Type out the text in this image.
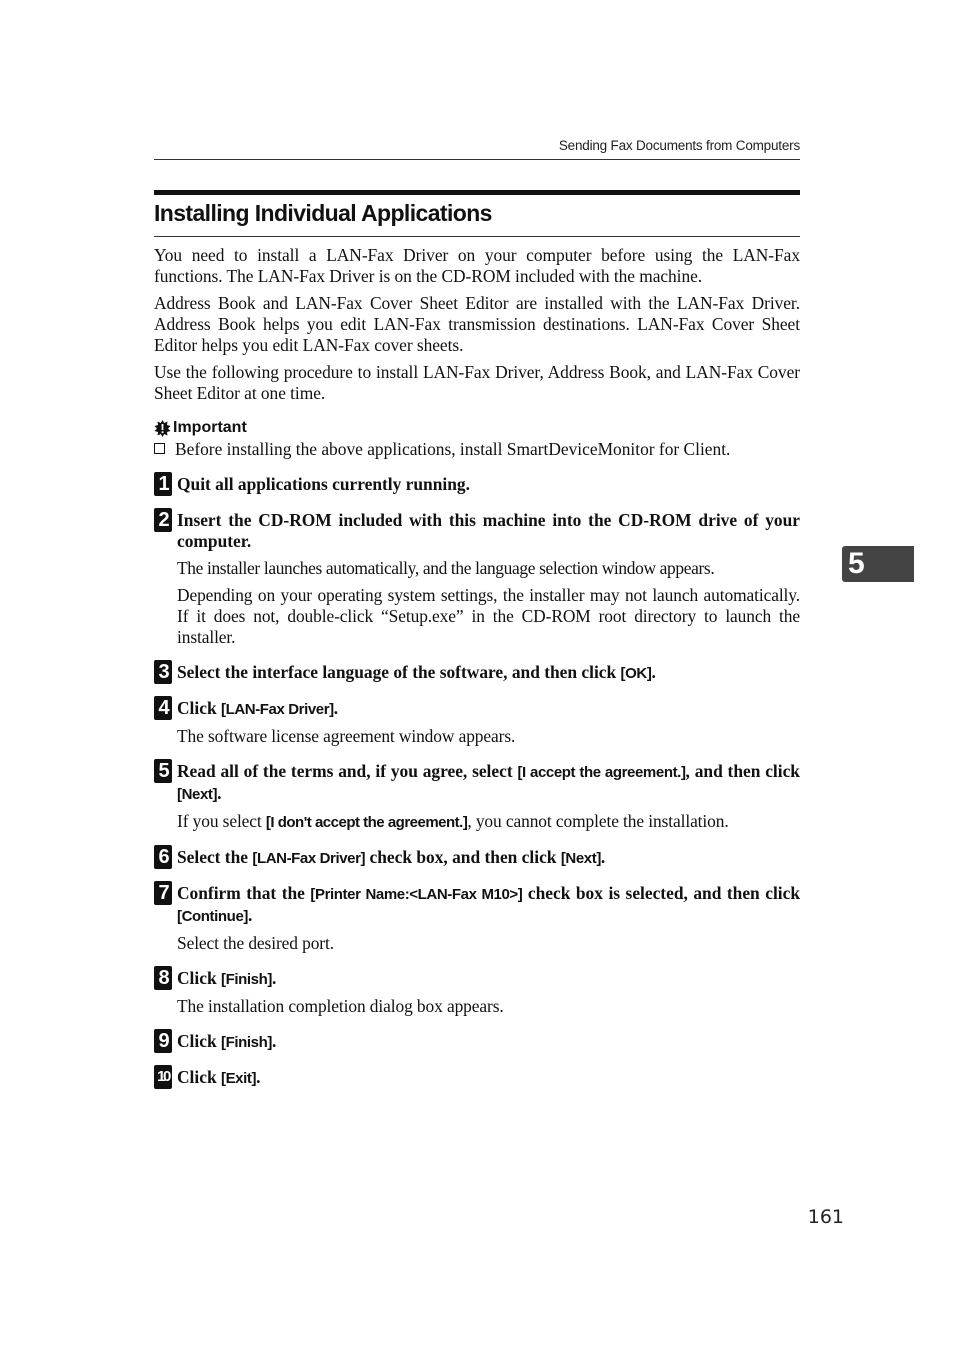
Sending Fax Documents from Computers
Installing Individual Applications

You need to install a LAN-Fax Driver on your computer before using the LAN-Fax functions. The LAN-Fax Driver is on the CD-ROM included with the machine.

Address Book and LAN-Fax Cover Sheet Editor are installed with the LAN-Fax Driver. Address Book helps you edit LAN-Fax transmission destinations. LAN-Fax Cover Sheet Editor helps you edit LAN-Fax cover sheets.

Use the following procedure to install LAN-Fax Driver, Address Book, and LAN-Fax Cover Sheet Editor at one time.

Important
Before installing the above applications, install SmartDeviceMonitor for Client.
1 Quit all applications currently running.

2 Insert the CD-ROM included with this machine into the CD-ROM drive of your computer.

The installer launches automatically, and the language selection window appears.

Depending on your operating system settings, the installer may not launch automatically. If it does not, double-click “Setup.exe” in the CD-ROM root directory to launch the installer.

3 Select the interface language of the software, and then click [OK].

4 Click [LAN-Fax Driver].

The software license agreement window appears.

5 Read all of the terms and, if you agree, select [I accept the agreement.], and then click [Next].

If you select [I don't accept the agreement.], you cannot complete the installation.

6 Select the [LAN-Fax Driver] check box, and then click [Next].

7 Confirm that the [Printer Name:<LAN-Fax M10>] check box is selected, and then click [Continue].

Select the desired port.

8 Click [Finish].

The installation completion dialog box appears.

9 Click [Finish].

10 Click [Exit].

5
161
